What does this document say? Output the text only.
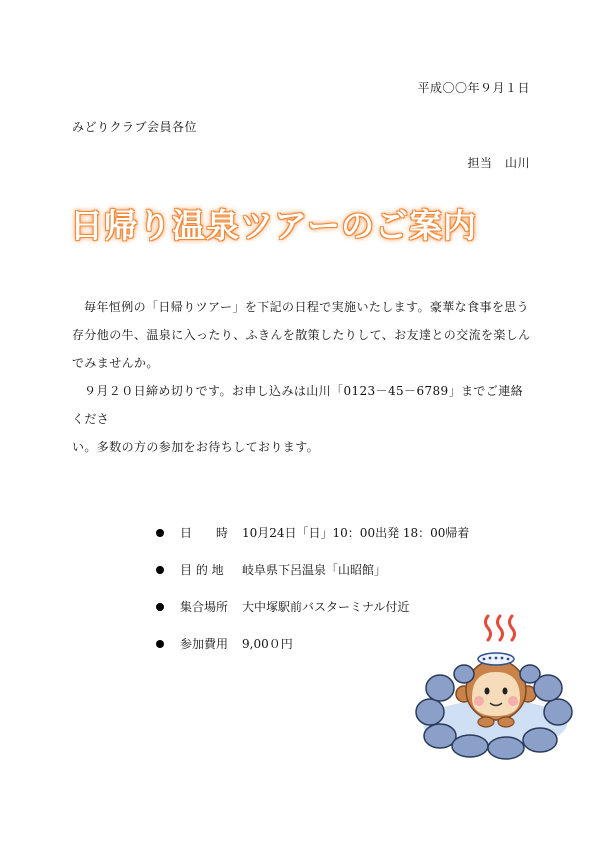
平成〇〇年９月１日
みどりクラブ会員各位
担当　山川
日帰り温泉ツアーのご案内

毎年恒例の「日帰りツアー」を下記の日程で実施いたします。豪華な食事を思う

存分他の牛、温泉に入ったり、ふきんを散策したりして、お友達との交流を楽しん

でみませんか。

９月２０日締め切りです。お申し込みは山川「0123－45－6789」までご連絡くださ

い。多数の方の参加をお待ちしております。

日　　時	10月24日「日」10：00出発 18：00帰着
目 的 地	岐阜県下呂温泉「山昭館」
集合場所	大中塚駅前バスターミナル付近
参加費用	9,00０円
